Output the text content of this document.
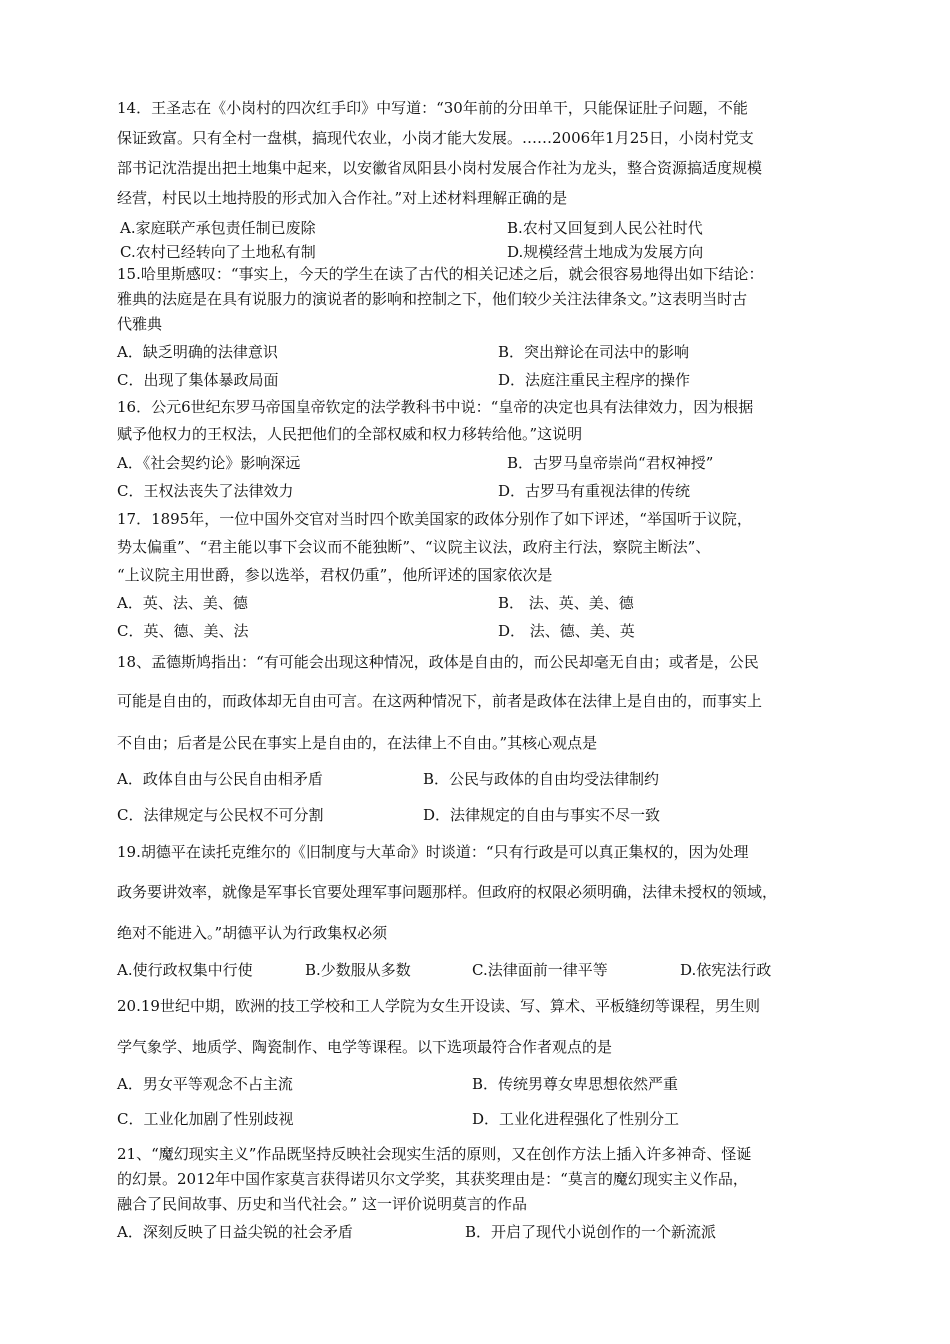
14．王圣志在《小岗村的四次红手印》中写道：“30年前的分田单干，只能保证肚子问题，不能
保证致富。只有全村一盘棋，搞现代农业，小岗才能大发展。……2006年1月25日，小岗村党支
部书记沈浩提出把土地集中起来，以安徽省凤阳县小岗村发展合作社为龙头，整合资源搞适度规模
经营，村民以土地持股的形式加入合作社。”对上述材料理解正确的是
A.家庭联产承包责任制已废除	B.农村又回复到人民公社时代
C.农村已经转向了土地私有制	D.规模经营土地成为发展方向
15.哈里斯感叹：“事实上，今天的学生在读了古代的相关记述之后，就会很容易地得出如下结论：
雅典的法庭是在具有说服力的演说者的影响和控制之下，他们较少关注法律条文。”这表明当时古
代雅典
A．缺乏明确的法律意识	B．突出辩论在司法中的影响
C．出现了集体暴政局面	D．法庭注重民主程序的操作
16．公元6世纪东罗马帝国皇帝钦定的法学教科书中说：“皇帝的决定也具有法律效力，因为根据
赋予他权力的王权法，人民把他们的全部权威和权力移转给他。”这说明
A．《社会契约论》影响深远	B．古罗马皇帝崇尚“君权神授”
C．王权法丧失了法律效力	D．古罗马有重视法律的传统
17．1895年，一位中国外交官对当时四个欧美国家的政体分别作了如下评述，“举国听于议院，
势太偏重”、“君主能以事下会议而不能独断”、“议院主议法，政府主行法，察院主断法”、
“上议院主用世爵，参以选举，君权仍重”，他所评述的国家依次是
A．英、法、美、德	B． 法、英、美、德
C．英、德、美、法	D． 法、德、美、英
18、孟德斯鸠指出：“有可能会出现这种情况，政体是自由的，而公民却毫无自由；或者是，公民
可能是自由的，而政体却无自由可言。在这两种情况下，前者是政体在法律上是自由的，而事实上
不自由；后者是公民在事实上是自由的，在法律上不自由。”其核心观点是
A．政体自由与公民自由相矛盾	B．公民与政体的自由均受法律制约
C．法律规定与公民权不可分割	D．法律规定的自由与事实不尽一致
19.胡德平在读托克维尔的《旧制度与大革命》时谈道：“只有行政是可以真正集权的，因为处理
政务要讲效率，就像是军事长官要处理军事问题那样。但政府的权限必须明确，法律未授权的领域，
绝对不能进入。”胡德平认为行政集权必须
A.使行政权集中行使	B.少数服从多数	C.法律面前一律平等	D.依宪法行政
20.19世纪中期，欧洲的技工学校和工人学院为女生开设读、写、算术、平板缝纫等课程，男生则
学气象学、地质学、陶瓷制作、电学等课程。以下选项最符合作者观点的是
A．男女平等观念不占主流	B．传统男尊女卑思想依然严重
C．工业化加剧了性别歧视	D．工业化进程强化了性别分工
21、“魔幻现实主义”作品既坚持反映社会现实生活的原则，又在创作方法上插入许多神奇、怪诞
的幻景。2012年中国作家莫言获得诺贝尔文学奖，其获奖理由是：“莫言的魔幻现实主义作品，
融合了民间故事、历史和当代社会。” 这一评价说明莫言的作品
A．深刻反映了日益尖锐的社会矛盾	B．开启了现代小说创作的一个新流派
